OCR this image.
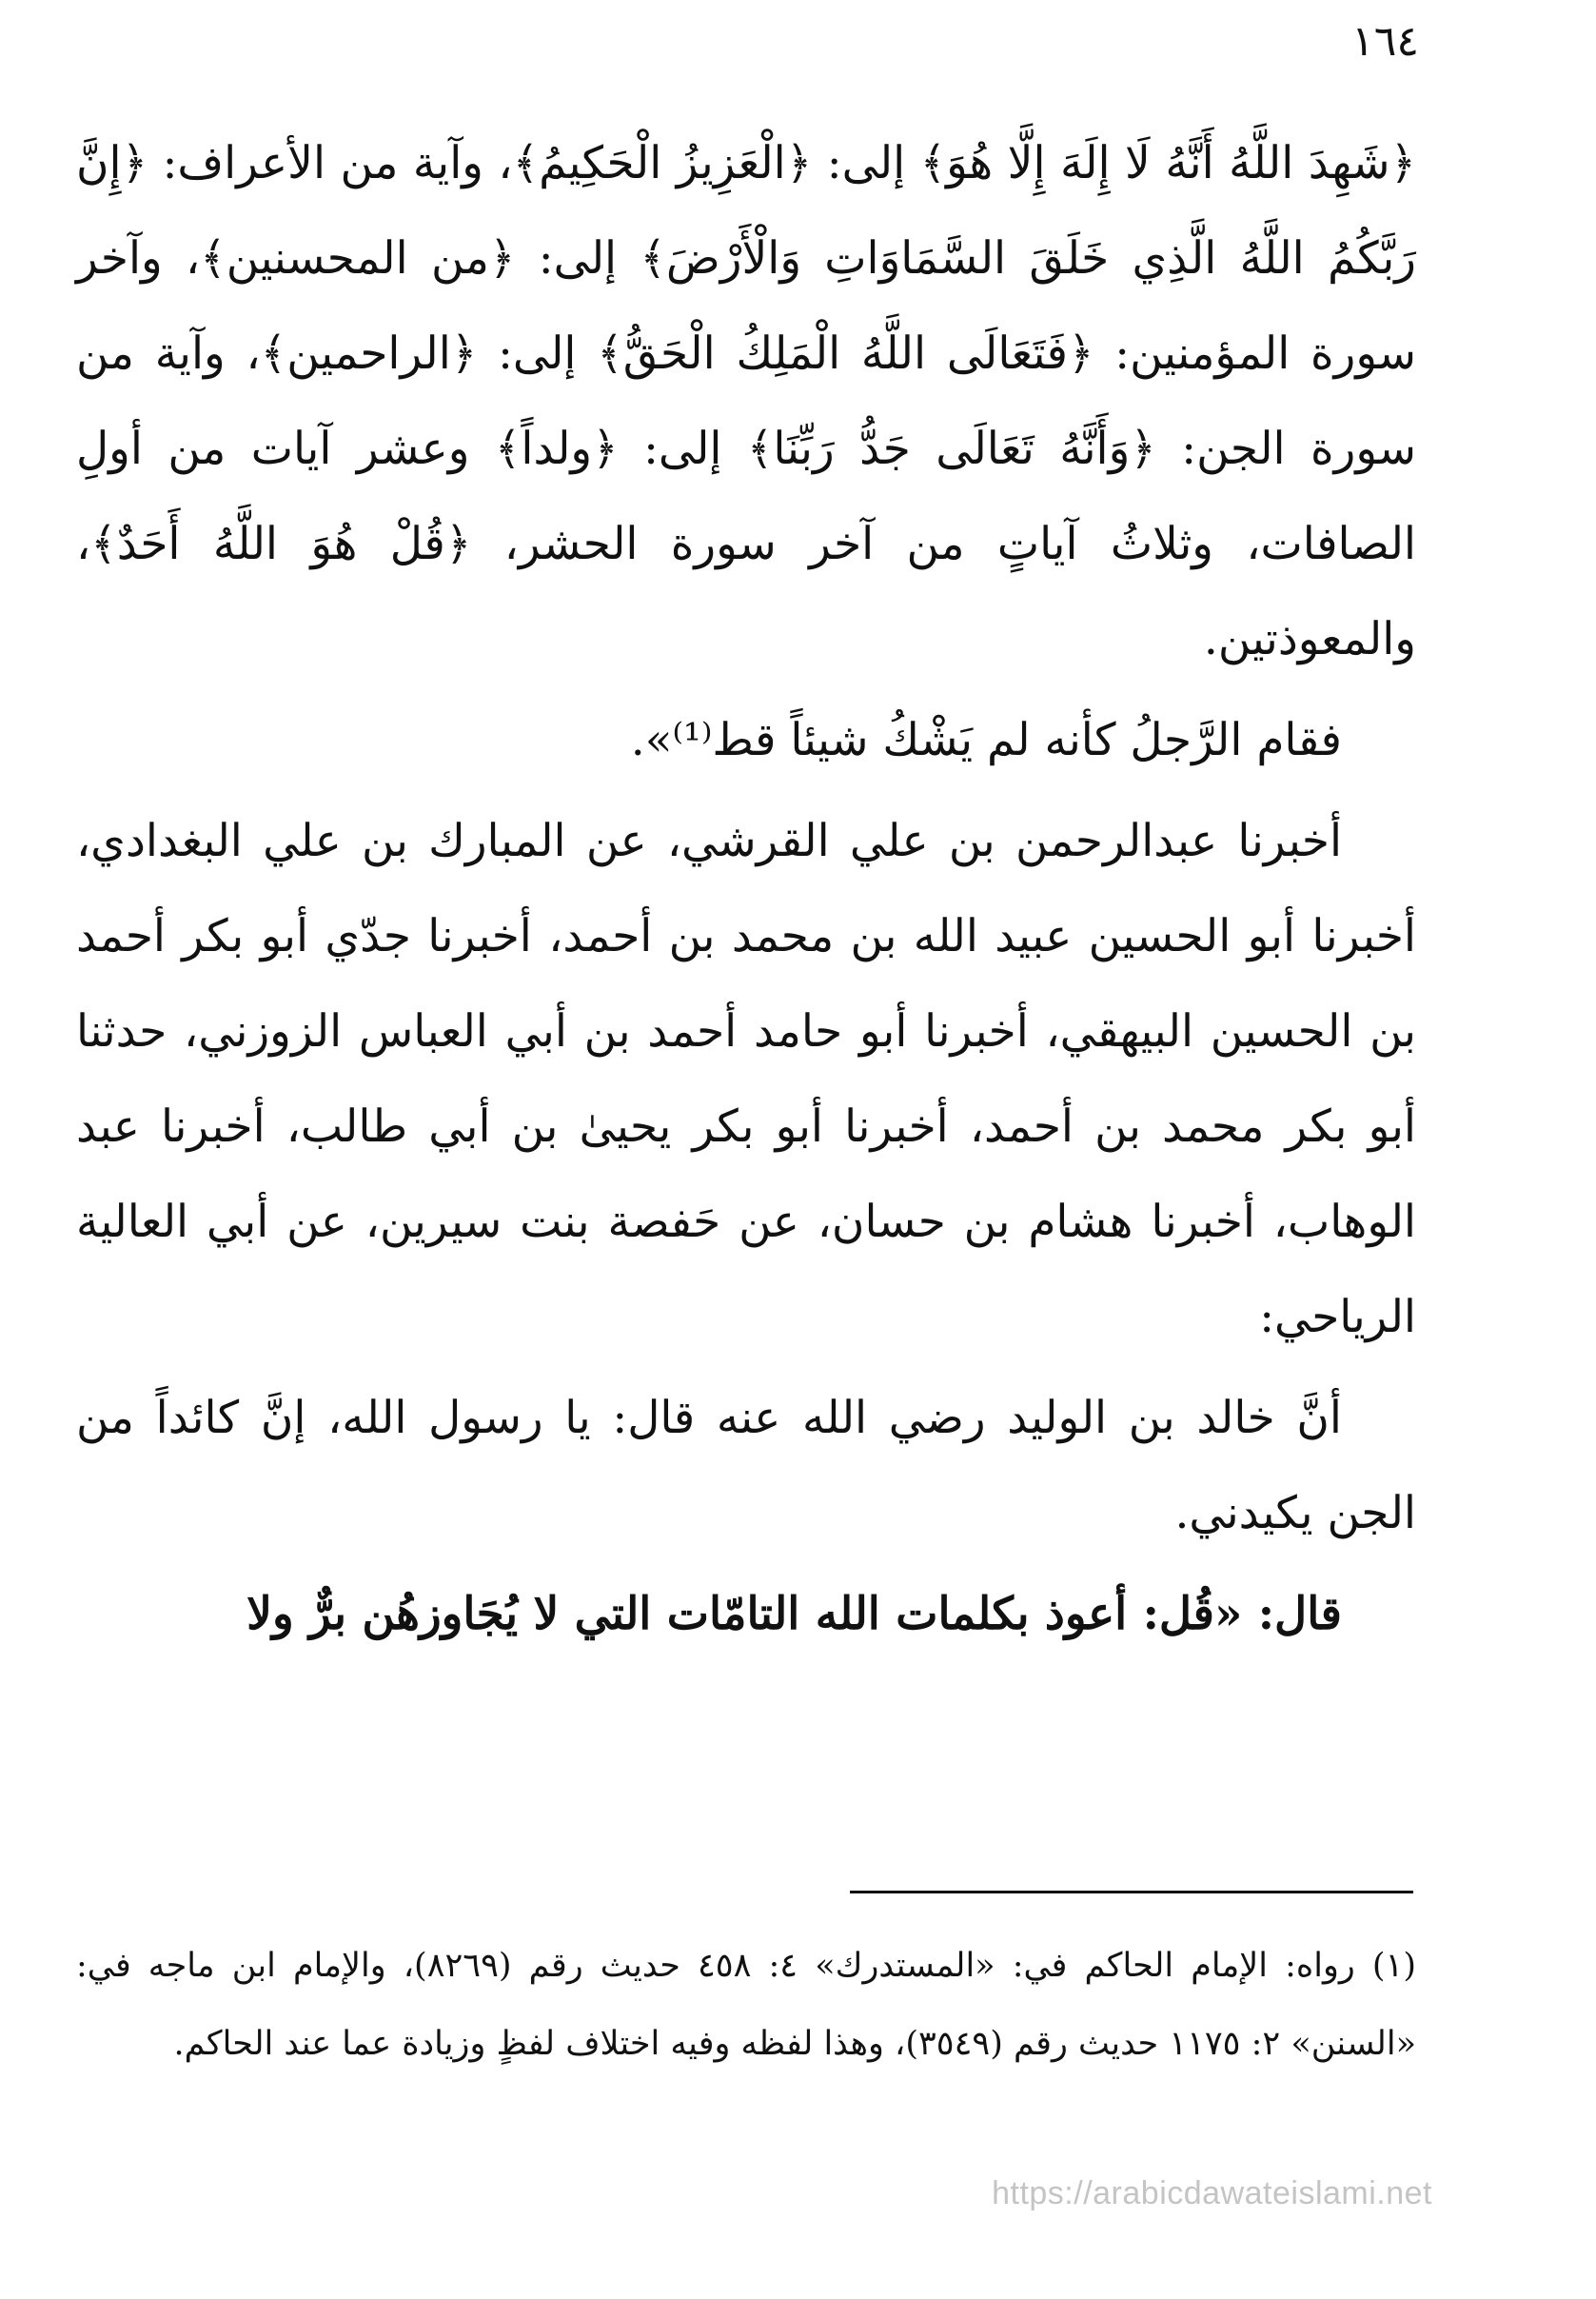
١٦٤

﴿شَهِدَ اللَّهُ أَنَّهُ لَا إِلَهَ إِلَّا هُوَ﴾ إلى: ﴿الْعَزِيزُ الْحَكِيمُ﴾، وآية من الأعراف: ﴿إِنَّ رَبَّكُمُ اللَّهُ الَّذِي خَلَقَ السَّمَاوَاتِ وَالْأَرْضَ﴾ إلى: ﴿من المحسنين﴾، وآخر سورة المؤمنين: ﴿فَتَعَالَى اللَّهُ الْمَلِكُ الْحَقُّ﴾ إلى: ﴿الراحمين﴾، وآية من سورة الجن: ﴿وَأَنَّهُ تَعَالَى جَدُّ رَبِّنَا﴾ إلى: ﴿ولداً﴾ وعشر آيات من أولِ الصافات، وثلاثُ آياتٍ من آخر سورة الحشر، ﴿قُلْ هُوَ اللَّهُ أَحَدٌ﴾، والمعوذتين.

فقام الرَّجلُ كأنه لم يَشْكُ شيئاً قط⁽¹⁾».

أخبرنا عبدالرحمن بن علي القرشي، عن المبارك بن علي البغدادي، أخبرنا أبو الحسين عبيد الله بن محمد بن أحمد، أخبرنا جدّي أبو بكر أحمد بن الحسين البيهقي، أخبرنا أبو حامد أحمد بن أبي العباس الزوزني، حدثنا أبو بكر محمد بن أحمد، أخبرنا أبو بكر يحيىٰ بن أبي طالب، أخبرنا عبد الوهاب، أخبرنا هشام بن حسان، عن حَفصة بنت سيرين، عن أبي العالية الرياحي:

أنَّ خالد بن الوليد رضي الله عنه قال: يا رسول الله، إنَّ كائداً من الجن يكيدني.

قال: «قُل: أعوذ بكلمات الله التامّات التي لا يُجَاوزهُن برٌّ ولا

(١) رواه: الإمام الحاكم في: «المستدرك» ٤: ٤٥٨ حديث رقم (٨٢٦٩)، والإمام ابن ماجه في: «السنن» ٢: ١١٧٥ حديث رقم (٣٥٤٩)، وهذا لفظه وفيه اختلاف لفظٍ وزيادة عما عند الحاكم.

https://arabicdawateislami.net
